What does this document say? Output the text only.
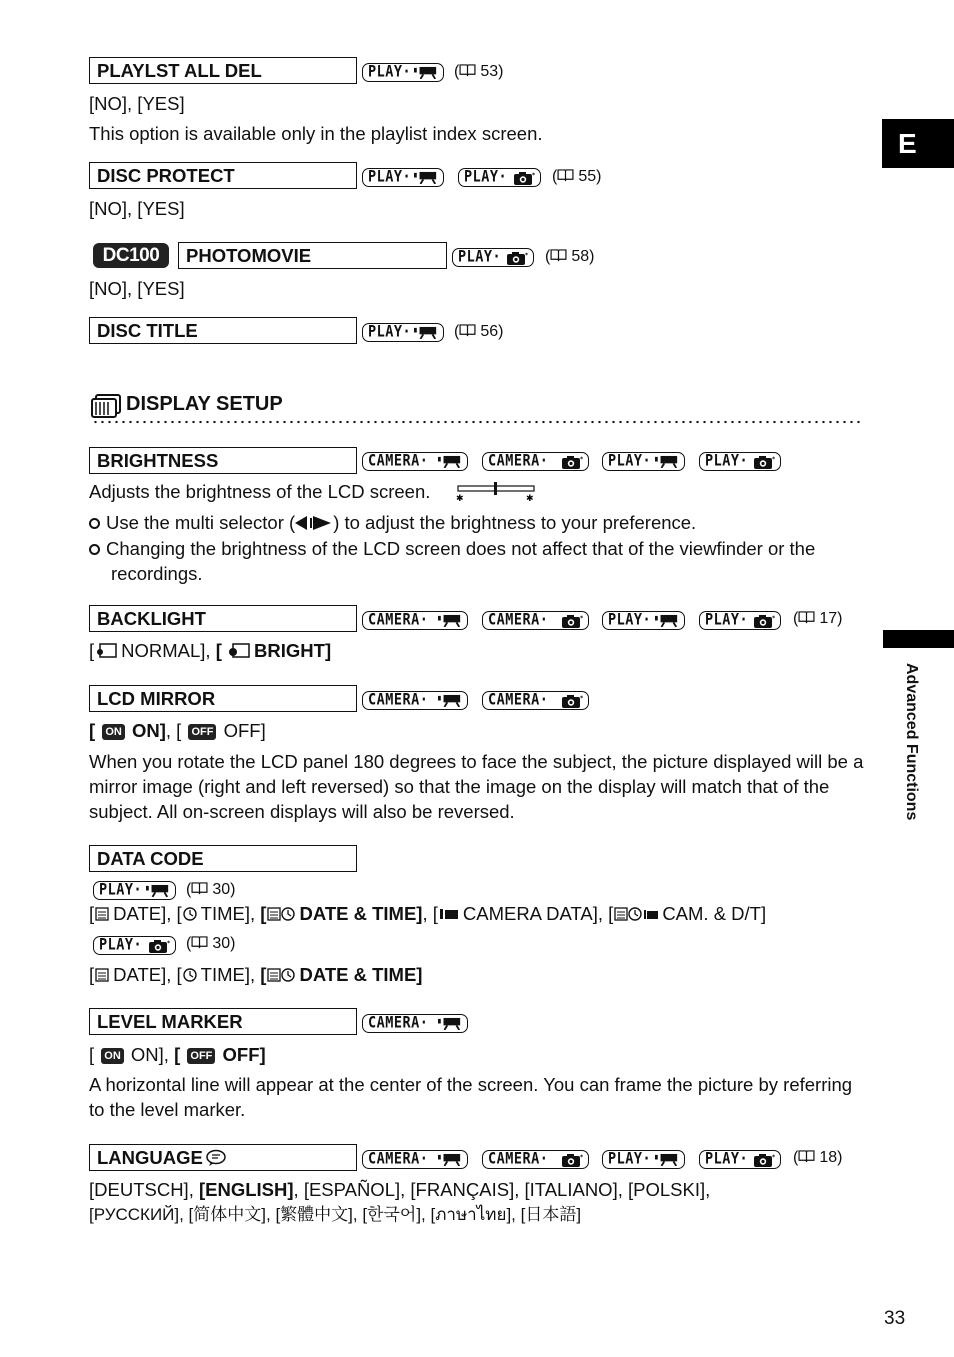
E
Advanced Functions
PLAYLST ALL DEL	PLAY·	( 53)
[NO], [YES]
This option is available only in the playlist index screen.
DISC PROTECT	PLAY·	PLAY·	( 55)
[NO], [YES]
DC100	PHOTOMOVIE	PLAY·	( 58)
[NO], [YES]
DISC TITLE	PLAY·	( 56)
DISPLAY SETUP
BRIGHTNESS	CAMERA·	CAMERA·	PLAY·	PLAY·
Adjusts the brightness of the LCD screen.	✱	✱
Use the multi selector ( ) to adjust the brightness to your preference.
Changing the brightness of the LCD screen does not affect that of the viewfinder or the recordings.
BACKLIGHT	CAMERA·	CAMERA·	PLAY·	PLAY·	( 17)
[ NORMAL], [ BRIGHT]
LCD MIRROR	CAMERA·	CAMERA·
[ ON ON], [ OFF OFF]
When you rotate the LCD panel 180 degrees to face the subject, the picture displayed will be a mirror image (right and left reversed) so that the image on the display will match that of the subject. All on-screen displays will also be reversed.
DATA CODE
PLAY·	( 30)
[ DATE], [ TIME], [ DATE & TIME], [ CAMERA DATA], [	CAM. & D/T]
PLAY·	( 30)
[ DATE], [ TIME], [ DATE & TIME]
LEVEL MARKER	CAMERA·
[ ON ON], [ OFF OFF]
A horizontal line will appear at the center of the screen. You can frame the picture by referring to the level marker.
LANGUAGE	CAMERA·	CAMERA·	PLAY·	PLAY·	( 18)
[DEUTSCH], [ENGLISH], [ESPAÑOL], [FRANÇAIS], [ITALIANO], [POLSKI],
[РУССКИЙ], [简体中文], [繁體中文], [한국어], [ภาษาไทย], [日本語]
33
